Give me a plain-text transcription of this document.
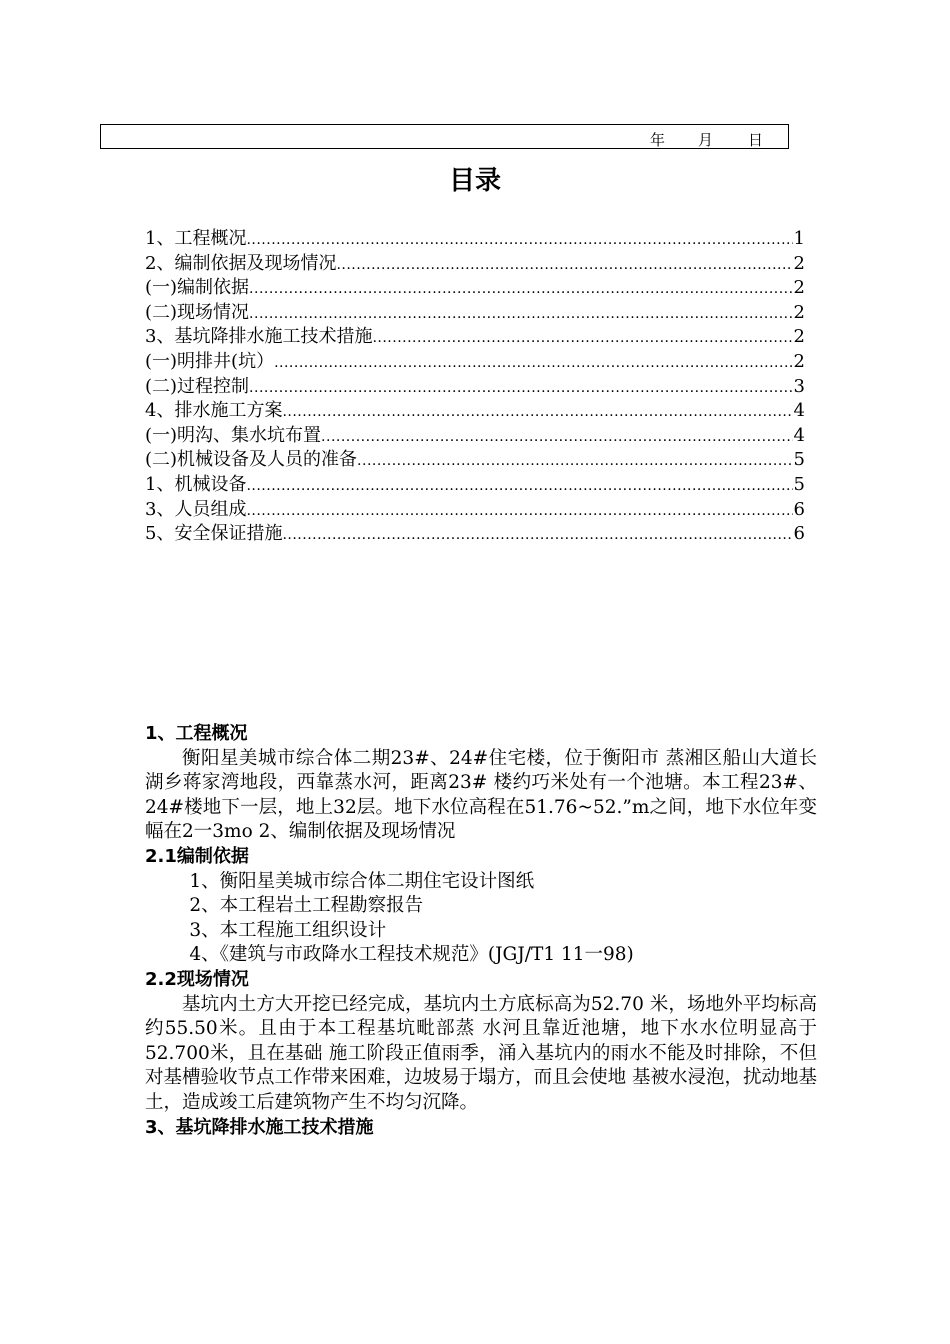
年 月 日
目录
1、工程概况 .....	1
2、编制依据及现场情况 .....	2
(一)编制依据 .....	2
(二)现场情况 .....	2
3、基坑降排水施工技术措施 .....	2
(一)明排井(坑） .....	2
(二)过程控制 .....	3
4、排水施工方案 .....	4
(一)明沟、集水坑布置 .....	4
(二)机械设备及人员的准备 .....	5
1、机械设备 .....	5
3、人员组成 .....	6
5、安全保证措施 .....	6
1、工程概况
衡阳星美城市综合体二期23#、24#住宅楼，位于衡阳市 蒸湘区船山大道长湖乡蒋家湾地段，西靠蒸水河，距离23# 楼约巧米处有一个池塘。本工程23#、24#楼地下一层，地上32层。地下水位高程在51.76~52.”m之间，地下水位年变 幅在2一3mo 2、编制依据及现场情况
2.1编制依据
1、衡阳星美城市综合体二期住宅设计图纸
2、本工程岩土工程勘察报告
3、本工程施工组织设计
4、《建筑与市政降水工程技术规范》(JGJ/T1 11一98)
2.2现场情况
基坑内土方大开挖已经完成，基坑内土方底标高为52.70 米，场地外平均标高约55.50米。且由于本工程基坑毗部蒸 水河且靠近池塘，地下水水位明显高于52.700米，且在基础 施工阶段正值雨季，涌入基坑内的雨水不能及时排除，不但 对基槽验收节点工作带来困难，边坡易于塌方，而且会使地 基被水浸泡，扰动地基土，造成竣工后建筑物产生不均匀沉降。
3、基坑降排水施工技术措施
